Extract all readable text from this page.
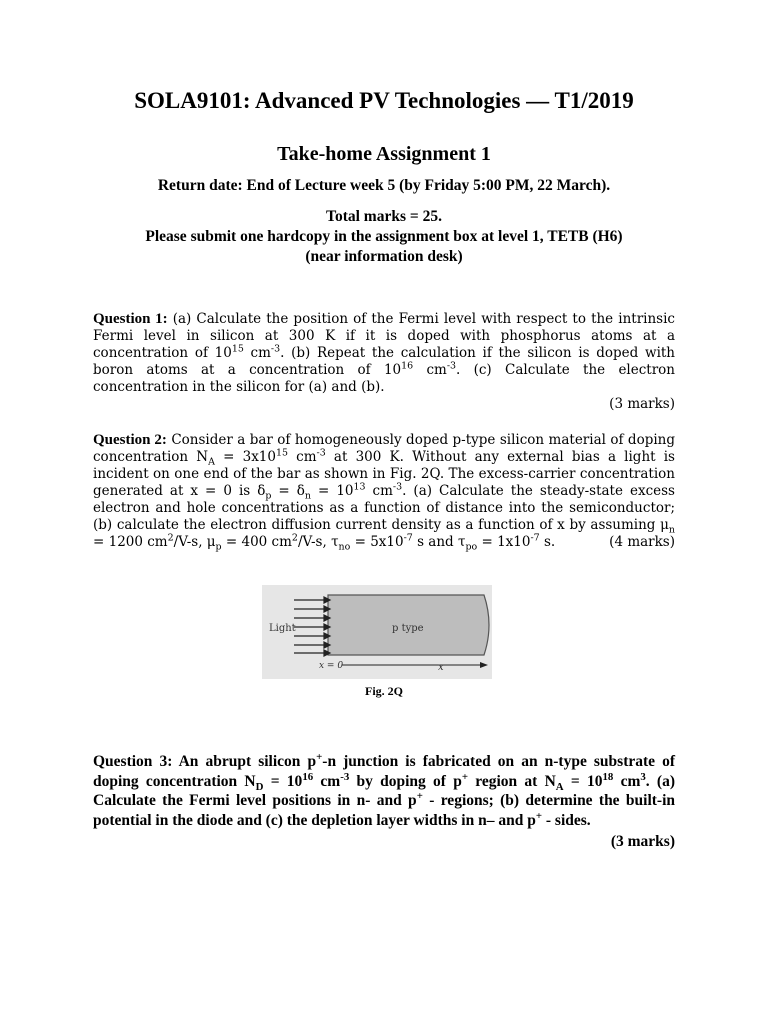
SOLA9101: Advanced PV Technologies — T1/2019
Take-home Assignment 1
Return date: End of Lecture week 5 (by Friday 5:00 PM, 22 March).
Total marks = 25.
Please submit one hardcopy in the assignment box at level 1, TETB (H6)
(near information desk)
Question 1: (a) Calculate the position of the Fermi level with respect to the intrinsic Fermi level in silicon at 300 K if it is doped with phosphorus atoms at a concentration of $10^{15}$ $cm^{-3}$. (b) Repeat the calculation if the silicon is doped with boron atoms at a concentration of $10^{16}$ $cm^{-3}$. (c) Calculate the electron concentration in the silicon for (a) and (b).
(3 marks)
Question 2: Consider a bar of homogeneously doped p-type silicon material of doping concentration $N_A = 3x10^{15}$ $cm^{-3}$ at 300 K. Without any external bias a light is incident on one end of the bar as shown in Fig. 2Q. The excess-carrier concentration generated at x = 0 is $\delta_p = \delta_n = 10^{13}$ $cm^{-3}$. (a) Calculate the steady-state excess electron and hole concentrations as a function of distance into the semiconductor; (b) calculate the electron diffusion current density as a function of x by assuming $\mu_n = 1200$ $cm^2/V-s$, $\mu_p = 400$ $cm^2/V-s$, $\tau_{no} = 5x10^{-7}$ s and $\tau_{po} = 1x10^{-7}$ s.	(4 marks)
Light	p type
x = 0	x
Fig. 2Q
Question 3: An abrupt silicon p+-n junction is fabricated on an n-type substrate of doping concentration $N_D = 10^{16}$ $cm^{-3}$ by doping of p+ region at $N_A = 10^{18}$ $cm^3$. (a) Calculate the Fermi level positions in n- and p+ - regions; (b) determine the built-in potential in the diode and (c) the depletion layer widths in n– and p+ - sides.
(3 marks)
